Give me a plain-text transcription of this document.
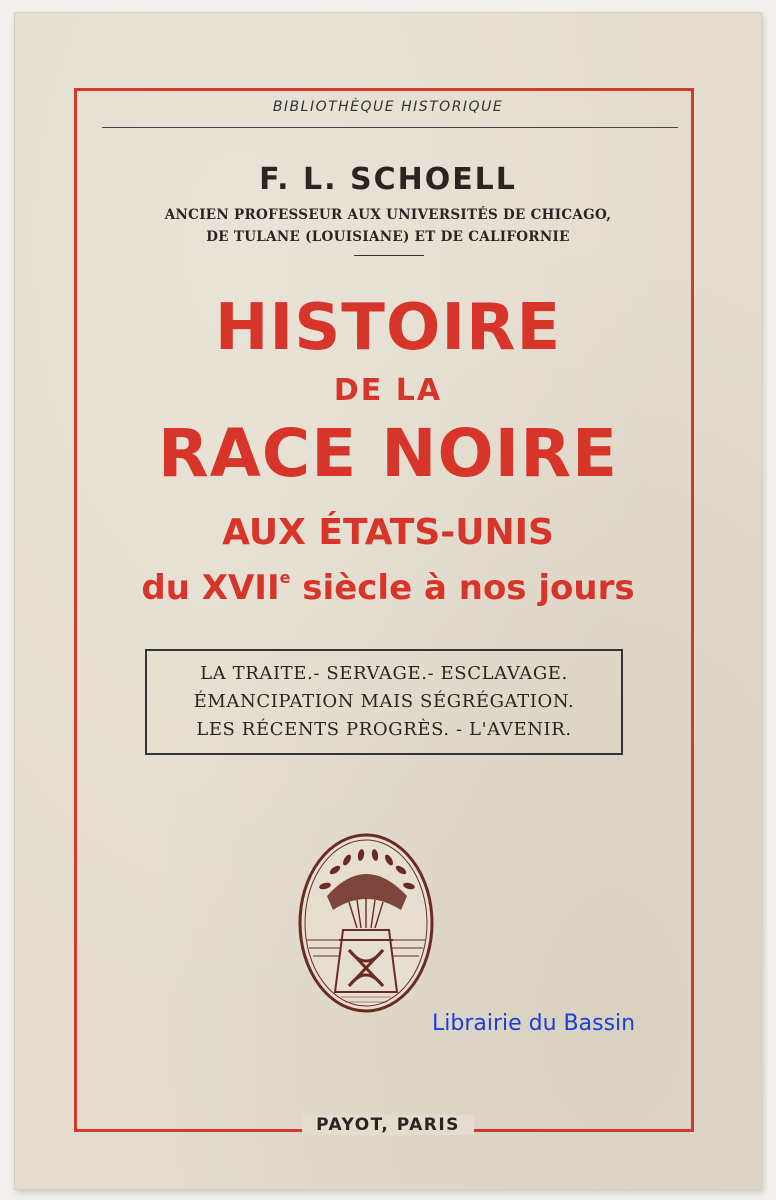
BIBLIOTHÈQUE HISTORIQUE
F. L. SCHOELL
ANCIEN PROFESSEUR AUX UNIVERSITÉS DE CHICAGO,
DE TULANE (LOUISIANE) ET DE CALIFORNIE
HISTOIRE
DE LA
RACE NOIRE
AUX ÉTATS-UNIS
du XVIIe siècle à nos jours
LA TRAITE.- SERVAGE.- ESCLAVAGE.
ÉMANCIPATION MAIS SÉGRÉGATION.
LES RÉCENTS PROGRÈS. - L'AVENIR.
PAYOT, PARIS
Librairie du Bassin
